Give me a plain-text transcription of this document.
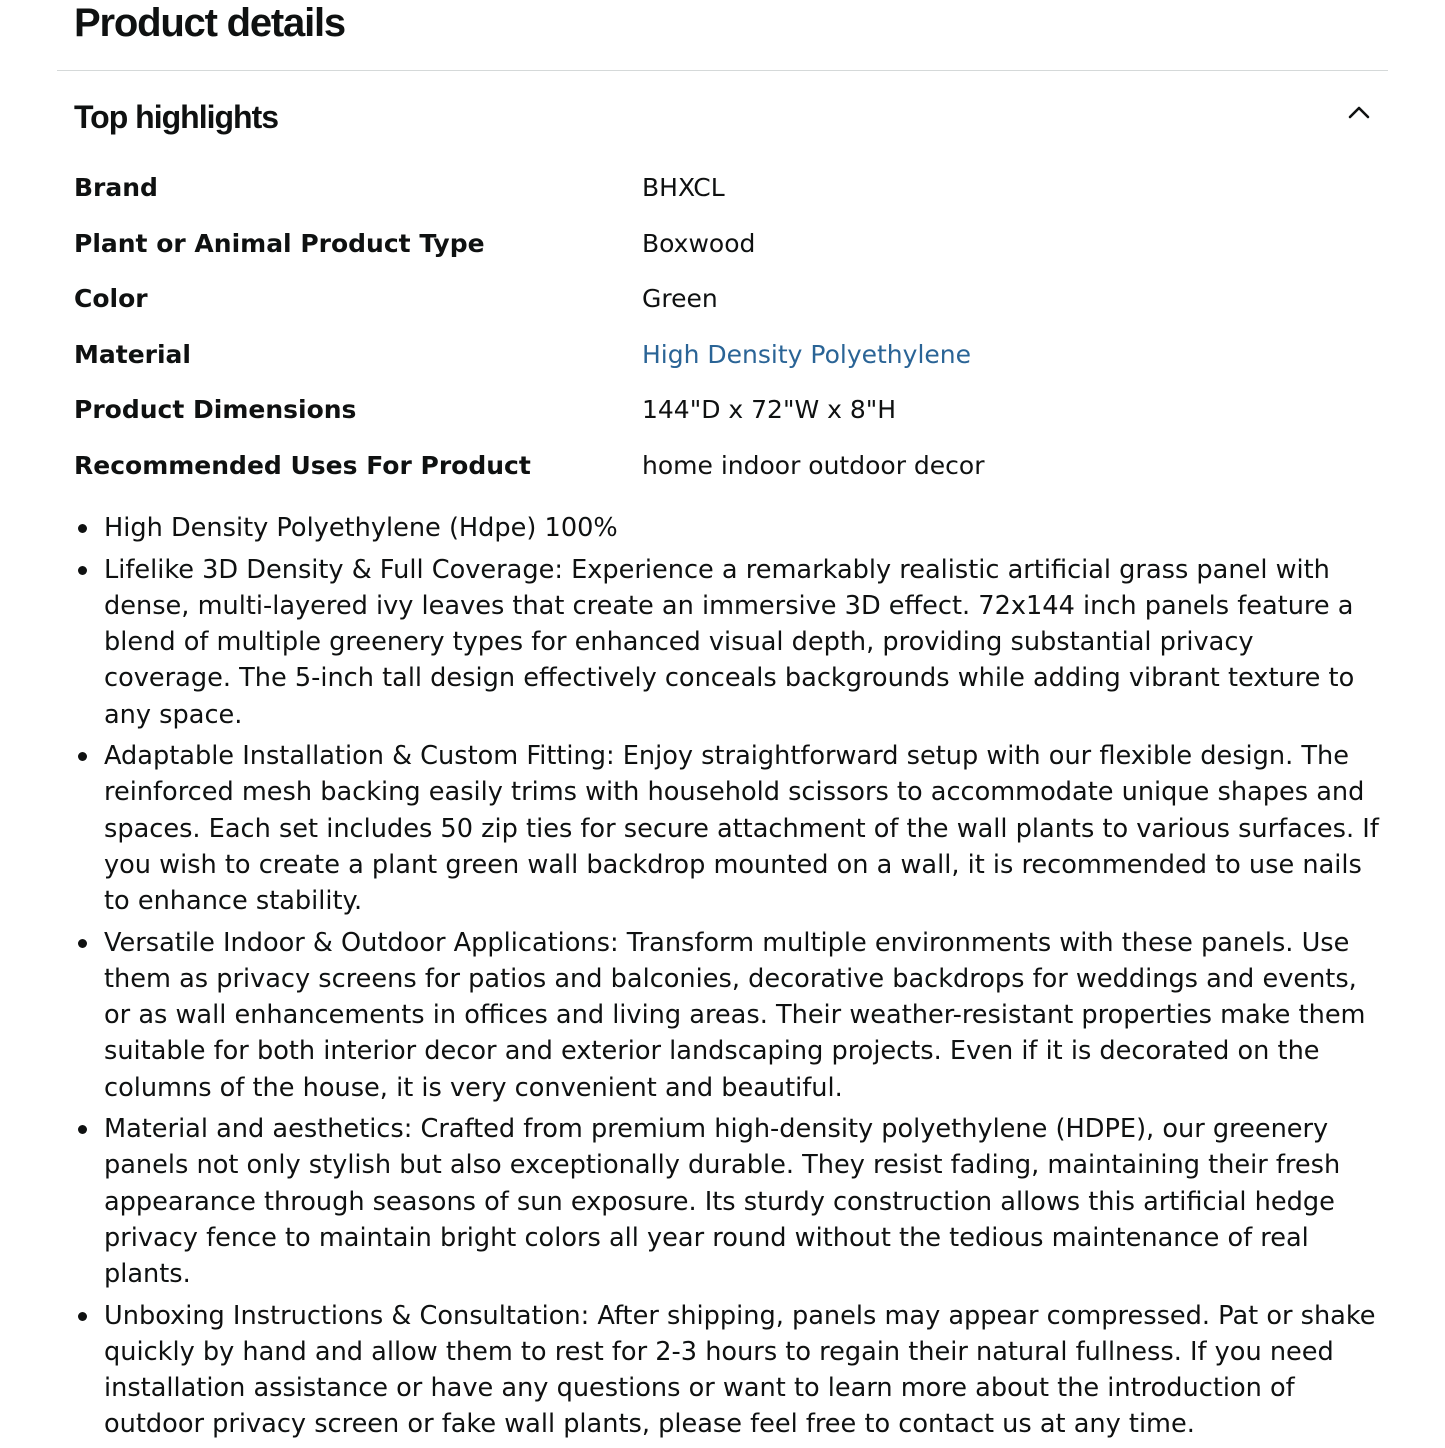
Product details
Top highlights
Brand	BHXCL
Plant or Animal Product Type	Boxwood
Color	Green
Material	High Density Polyethylene
Product Dimensions	144"D x 72"W x 8"H
Recommended Uses For Product	home indoor outdoor decor
High Density Polyethylene (Hdpe) 100%
Lifelike 3D Density & Full Coverage: Experience a remarkably realistic artificial grass panel with dense, multi-layered ivy leaves that create an immersive 3D effect. 72x144 inch panels feature a blend of multiple greenery types for enhanced visual depth, providing substantial privacy coverage. The 5-inch tall design effectively conceals backgrounds while adding vibrant texture to any space.
Adaptable Installation & Custom Fitting: Enjoy straightforward setup with our flexible design. The reinforced mesh backing easily trims with household scissors to accommodate unique shapes and spaces. Each set includes 50 zip ties for secure attachment of the wall plants to various surfaces. If you wish to create a plant green wall backdrop mounted on a wall, it is recommended to use nails to enhance stability.
Versatile Indoor & Outdoor Applications: Transform multiple environments with these panels. Use them as privacy screens for patios and balconies, decorative backdrops for weddings and events, or as wall enhancements in offices and living areas. Their weather-resistant properties make them suitable for both interior decor and exterior landscaping projects. Even if it is decorated on the columns of the house, it is very convenient and beautiful.
Material and aesthetics: Crafted from premium high-density polyethylene (HDPE), our greenery panels not only stylish but also exceptionally durable. They resist fading, maintaining their fresh appearance through seasons of sun exposure. Its sturdy construction allows this artificial hedge privacy fence to maintain bright colors all year round without the tedious maintenance of real plants.
Unboxing Instructions & Consultation: After shipping, panels may appear compressed. Pat or shake quickly by hand and allow them to rest for 2-3 hours to regain their natural fullness. If you need installation assistance or have any questions or want to learn more about the introduction of outdoor privacy screen or fake wall plants, please feel free to contact us at any time.
